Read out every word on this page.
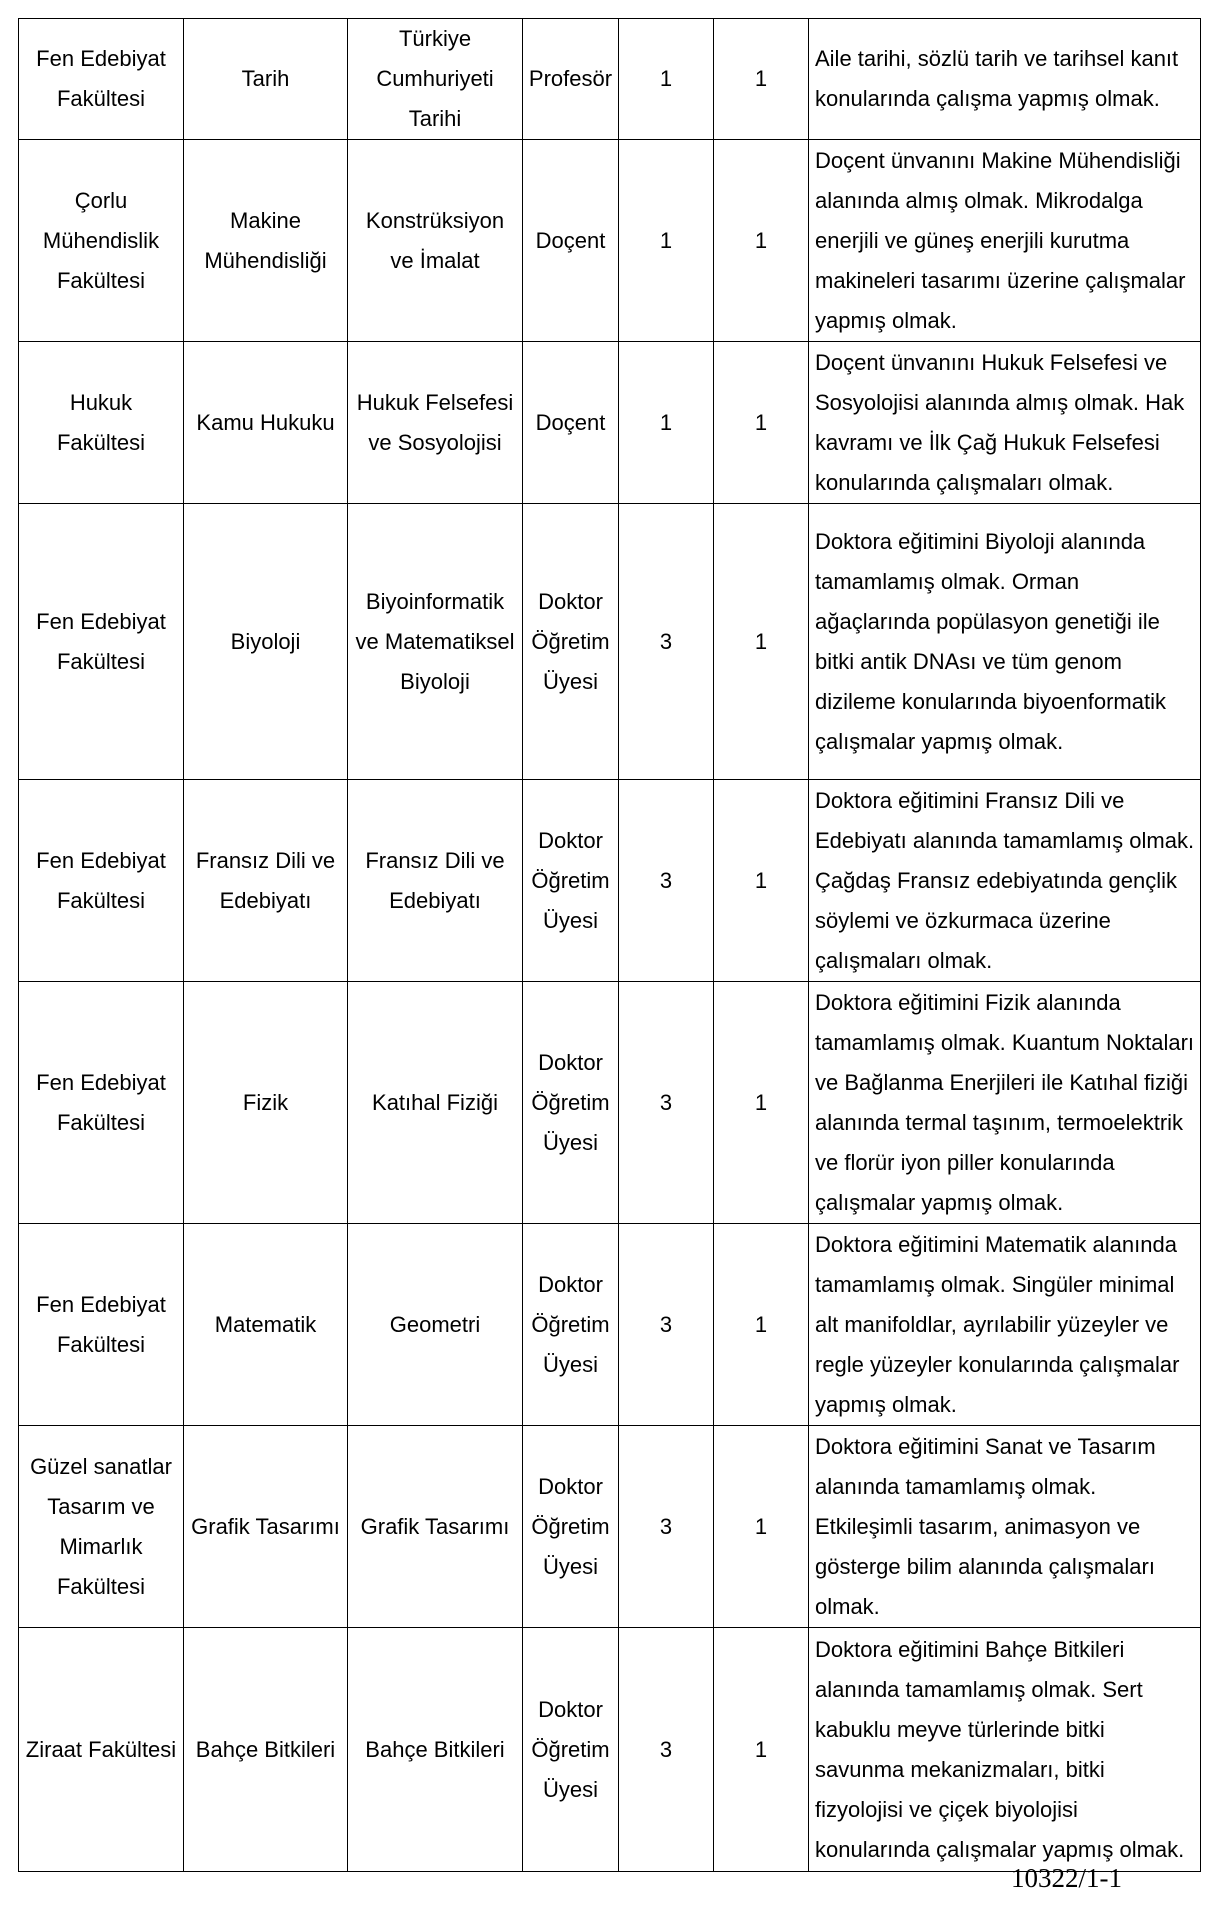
Fen Edebiyat Fakültesi	Tarih	Türkiye Cumhuriyeti Tarihi	Profesör	1	1	Aile tarihi, sözlü tarih ve tarihsel kanıt konularında çalışma yapmış olmak.
Çorlu Mühendislik Fakültesi	Makine Mühendisliği	Konstrüksiyon ve İmalat	Doçent	1	1	Doçent ünvanını Makine Mühendisliği alanında almış olmak. Mikrodalga enerjili ve güneş enerjili kurutma makineleri tasarımı üzerine çalışmalar yapmış olmak.
Hukuk Fakültesi	Kamu Hukuku	Hukuk Felsefesi ve Sosyolojisi	Doçent	1	1	Doçent ünvanını Hukuk Felsefesi ve Sosyolojisi alanında almış olmak. Hak kavramı ve İlk Çağ Hukuk Felsefesi konularında çalışmaları olmak.
Fen Edebiyat Fakültesi	Biyoloji	Biyoinformatik ve Matematiksel Biyoloji	Doktor Öğretim Üyesi	3	1	Doktora eğitimini Biyoloji alanında tamamlamış olmak. Orman ağaçlarında popülasyon genetiği ile bitki antik DNAsı ve tüm genom dizileme konularında biyoenformatik çalışmalar yapmış olmak.
Fen Edebiyat Fakültesi	Fransız Dili ve Edebiyatı	Fransız Dili ve Edebiyatı	Doktor Öğretim Üyesi	3	1	Doktora eğitimini Fransız Dili ve Edebiyatı alanında tamamlamış olmak. Çağdaş Fransız edebiyatında gençlik söylemi ve özkurmaca üzerine çalışmaları olmak.
Fen Edebiyat Fakültesi	Fizik	Katıhal Fiziği	Doktor Öğretim Üyesi	3	1	Doktora eğitimini Fizik alanında tamamlamış olmak. Kuantum Noktaları ve Bağlanma Enerjileri ile Katıhal fiziği alanında termal taşınım, termoelektrik ve florür iyon piller konularında çalışmalar yapmış olmak.
Fen Edebiyat Fakültesi	Matematik	Geometri	Doktor Öğretim Üyesi	3	1	Doktora eğitimini Matematik alanında tamamlamış olmak. Singüler minimal alt manifoldlar, ayrılabilir yüzeyler ve regle yüzeyler konularında çalışmalar yapmış olmak.
Güzel sanatlar Tasarım ve Mimarlık Fakültesi	Grafik Tasarımı	Grafik Tasarımı	Doktor Öğretim Üyesi	3	1	Doktora eğitimini Sanat ve Tasarım alanında tamamlamış olmak. Etkileşimli tasarım, animasyon ve gösterge bilim alanında çalışmaları olmak.
Ziraat Fakültesi	Bahçe Bitkileri	Bahçe Bitkileri	Doktor Öğretim Üyesi	3	1	Doktora eğitimini Bahçe Bitkileri alanında tamamlamış olmak. Sert kabuklu meyve türlerinde bitki savunma mekanizmaları, bitki fizyolojisi ve çiçek biyolojisi konularında çalışmalar yapmış olmak.
10322/1-1
